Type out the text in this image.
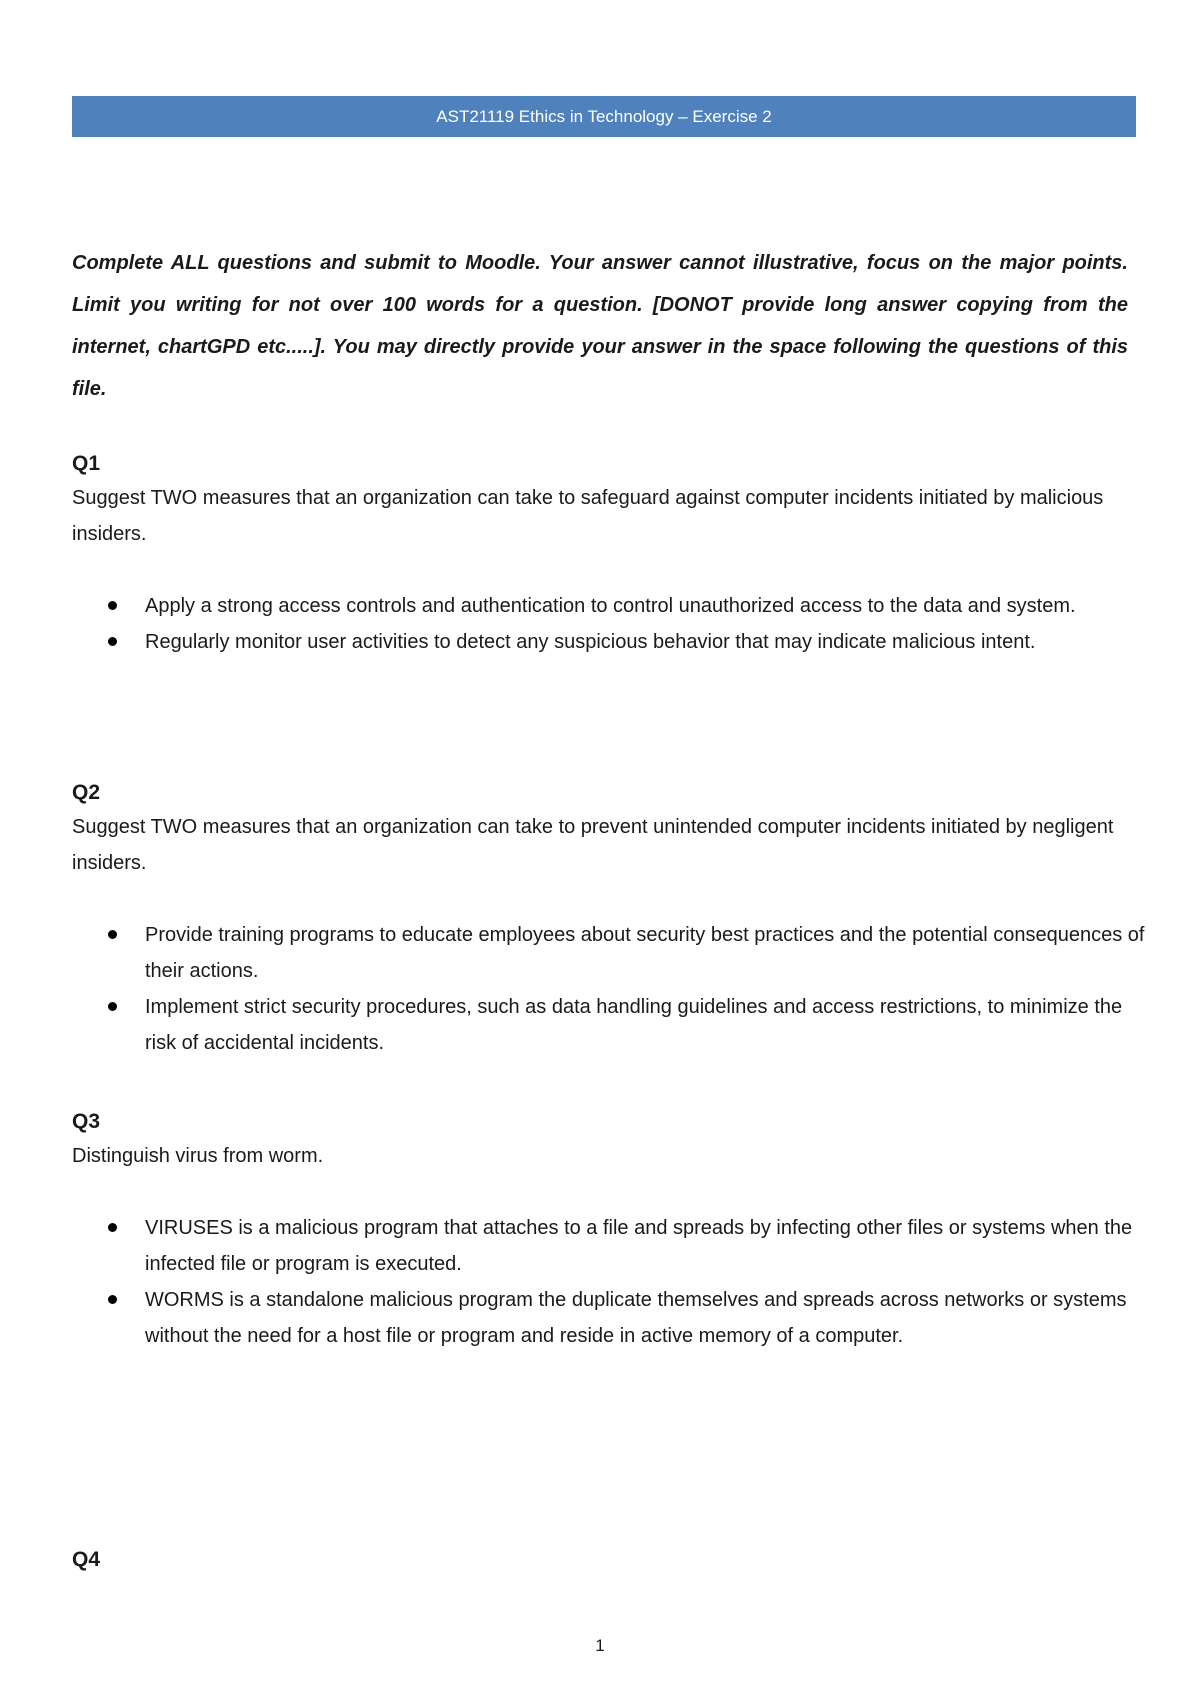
AST21119 Ethics in Technology – Exercise 2
Complete ALL questions and submit to Moodle. Your answer cannot illustrative, focus on the major points. Limit you writing for not over 100 words for a question. [DONOT provide long answer copying from the internet, chartGPD etc.....]. You may directly provide your answer in the space following the questions of this file.
Q1
Suggest TWO measures that an organization can take to safeguard against computer incidents initiated by malicious insiders.
Apply a strong access controls and authentication to control unauthorized access to the data and system.
Regularly monitor user activities to detect any suspicious behavior that may indicate malicious intent.
Q2
Suggest TWO measures that an organization can take to prevent unintended computer incidents initiated by negligent insiders.
Provide training programs to educate employees about security best practices and the potential consequences of their actions.
Implement strict security procedures, such as data handling guidelines and access restrictions, to minimize the risk of accidental incidents.
Q3
Distinguish virus from worm.
VIRUSES is a malicious program that attaches to a file and spreads by infecting other files or systems when the infected file or program is executed.
WORMS is a standalone malicious program the duplicate themselves and spreads across networks or systems without the need for a host file or program and reside in active memory of a computer.
Q4
1
